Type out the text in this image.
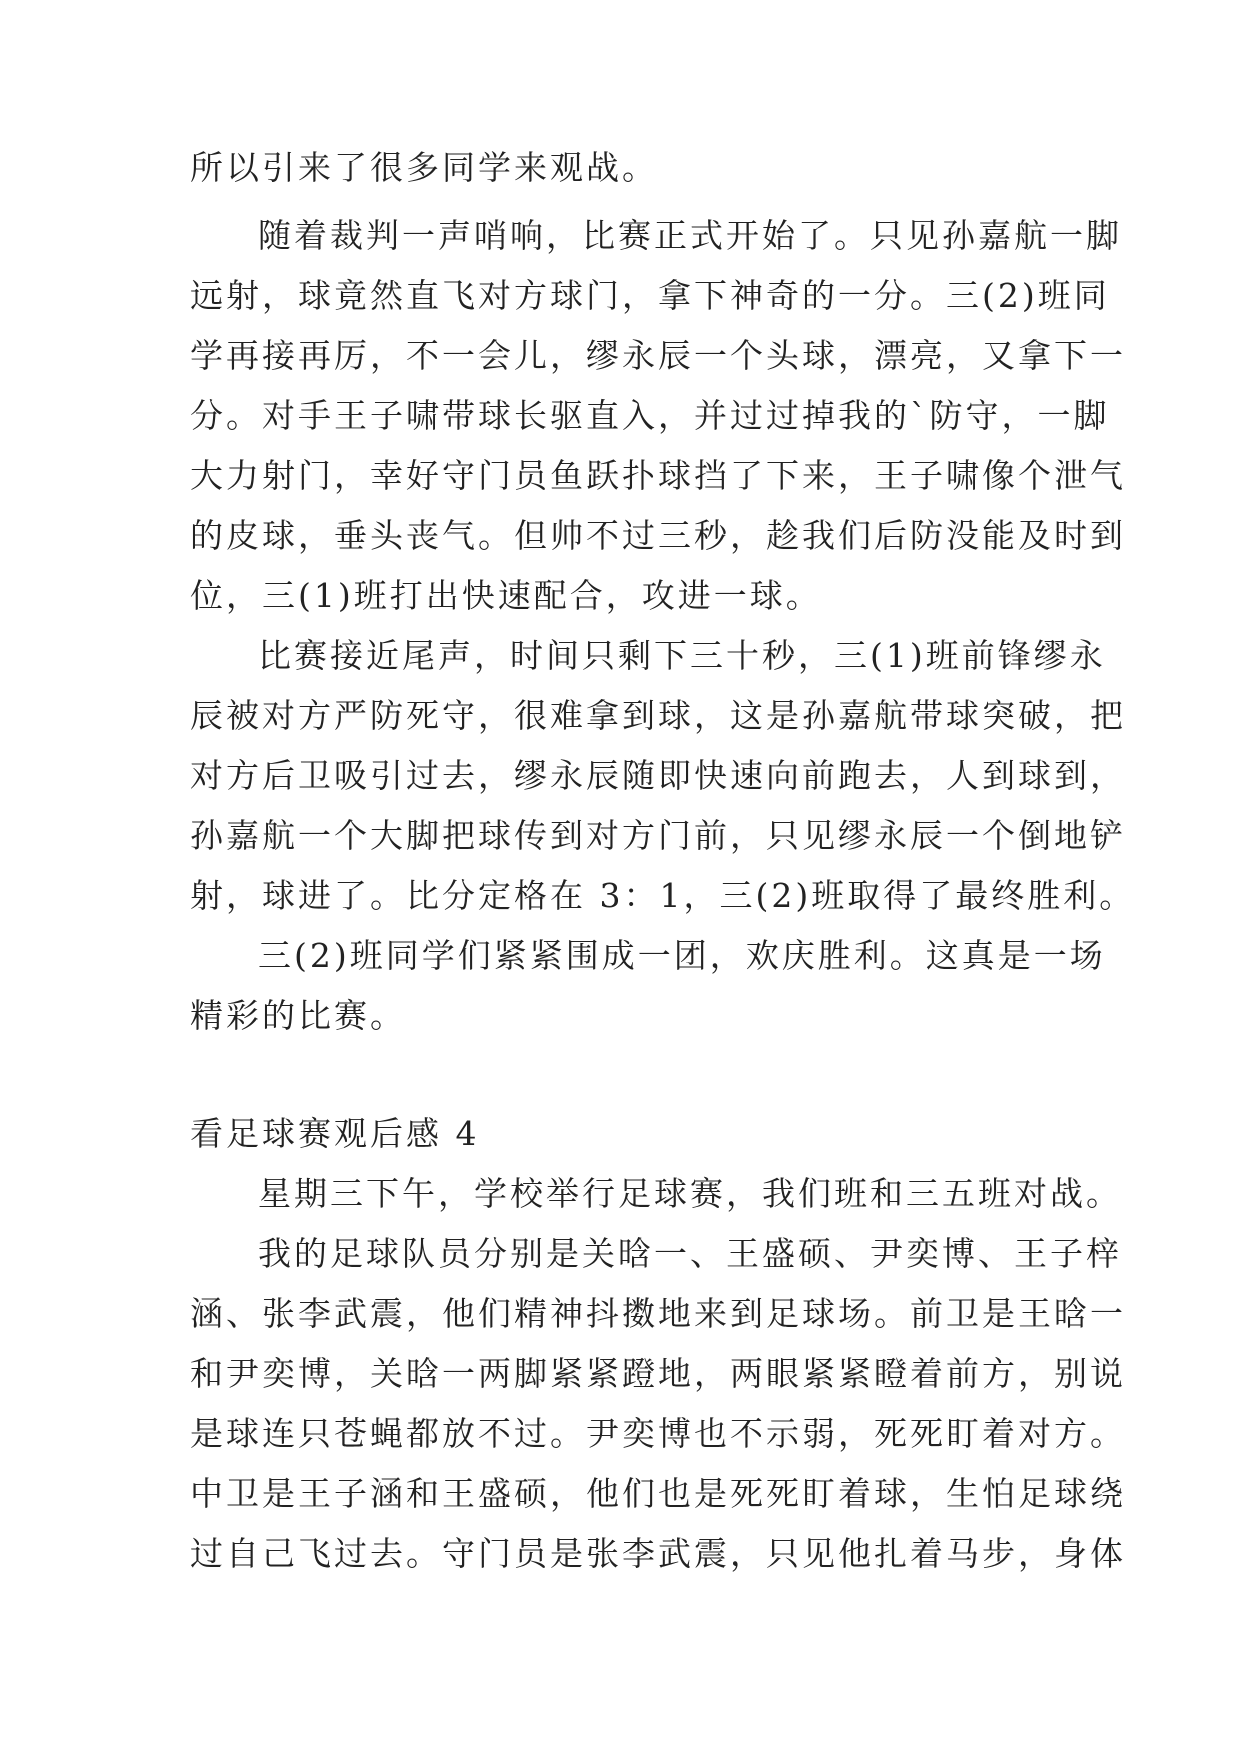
所以引来了很多同学来观战。
随着裁判一声哨响，比赛正式开始了。只见孙嘉航一脚
远射，球竟然直飞对方球门，拿下神奇的一分。三(2)班同
学再接再厉，不一会儿，缪永辰一个头球，漂亮，又拿下一
分。对手王子啸带球长驱直入，并过过掉我的`防守，一脚
大力射门，幸好守门员鱼跃扑球挡了下来，王子啸像个泄气
的皮球，垂头丧气。但帅不过三秒，趁我们后防没能及时到
位，三(1)班打出快速配合，攻进一球。
比赛接近尾声，时间只剩下三十秒，三(1)班前锋缪永
辰被对方严防死守，很难拿到球，这是孙嘉航带球突破，把
对方后卫吸引过去，缪永辰随即快速向前跑去，人到球到，
孙嘉航一个大脚把球传到对方门前，只见缪永辰一个倒地铲
射，球进了。比分定格在 3：1，三(2)班取得了最终胜利。
三(2)班同学们紧紧围成一团，欢庆胜利。这真是一场
精彩的比赛。
看足球赛观后感 4
星期三下午，学校举行足球赛，我们班和三五班对战。
我的足球队员分别是关晗一、王盛硕、尹奕博、王子梓
涵、张李武震，他们精神抖擞地来到足球场。前卫是王晗一
和尹奕博，关晗一两脚紧紧蹬地，两眼紧紧瞪着前方，别说
是球连只苍蝇都放不过。尹奕博也不示弱，死死盯着对方。
中卫是王子涵和王盛硕，他们也是死死盯着球，生怕足球绕
过自己飞过去。守门员是张李武震，只见他扎着马步，身体
